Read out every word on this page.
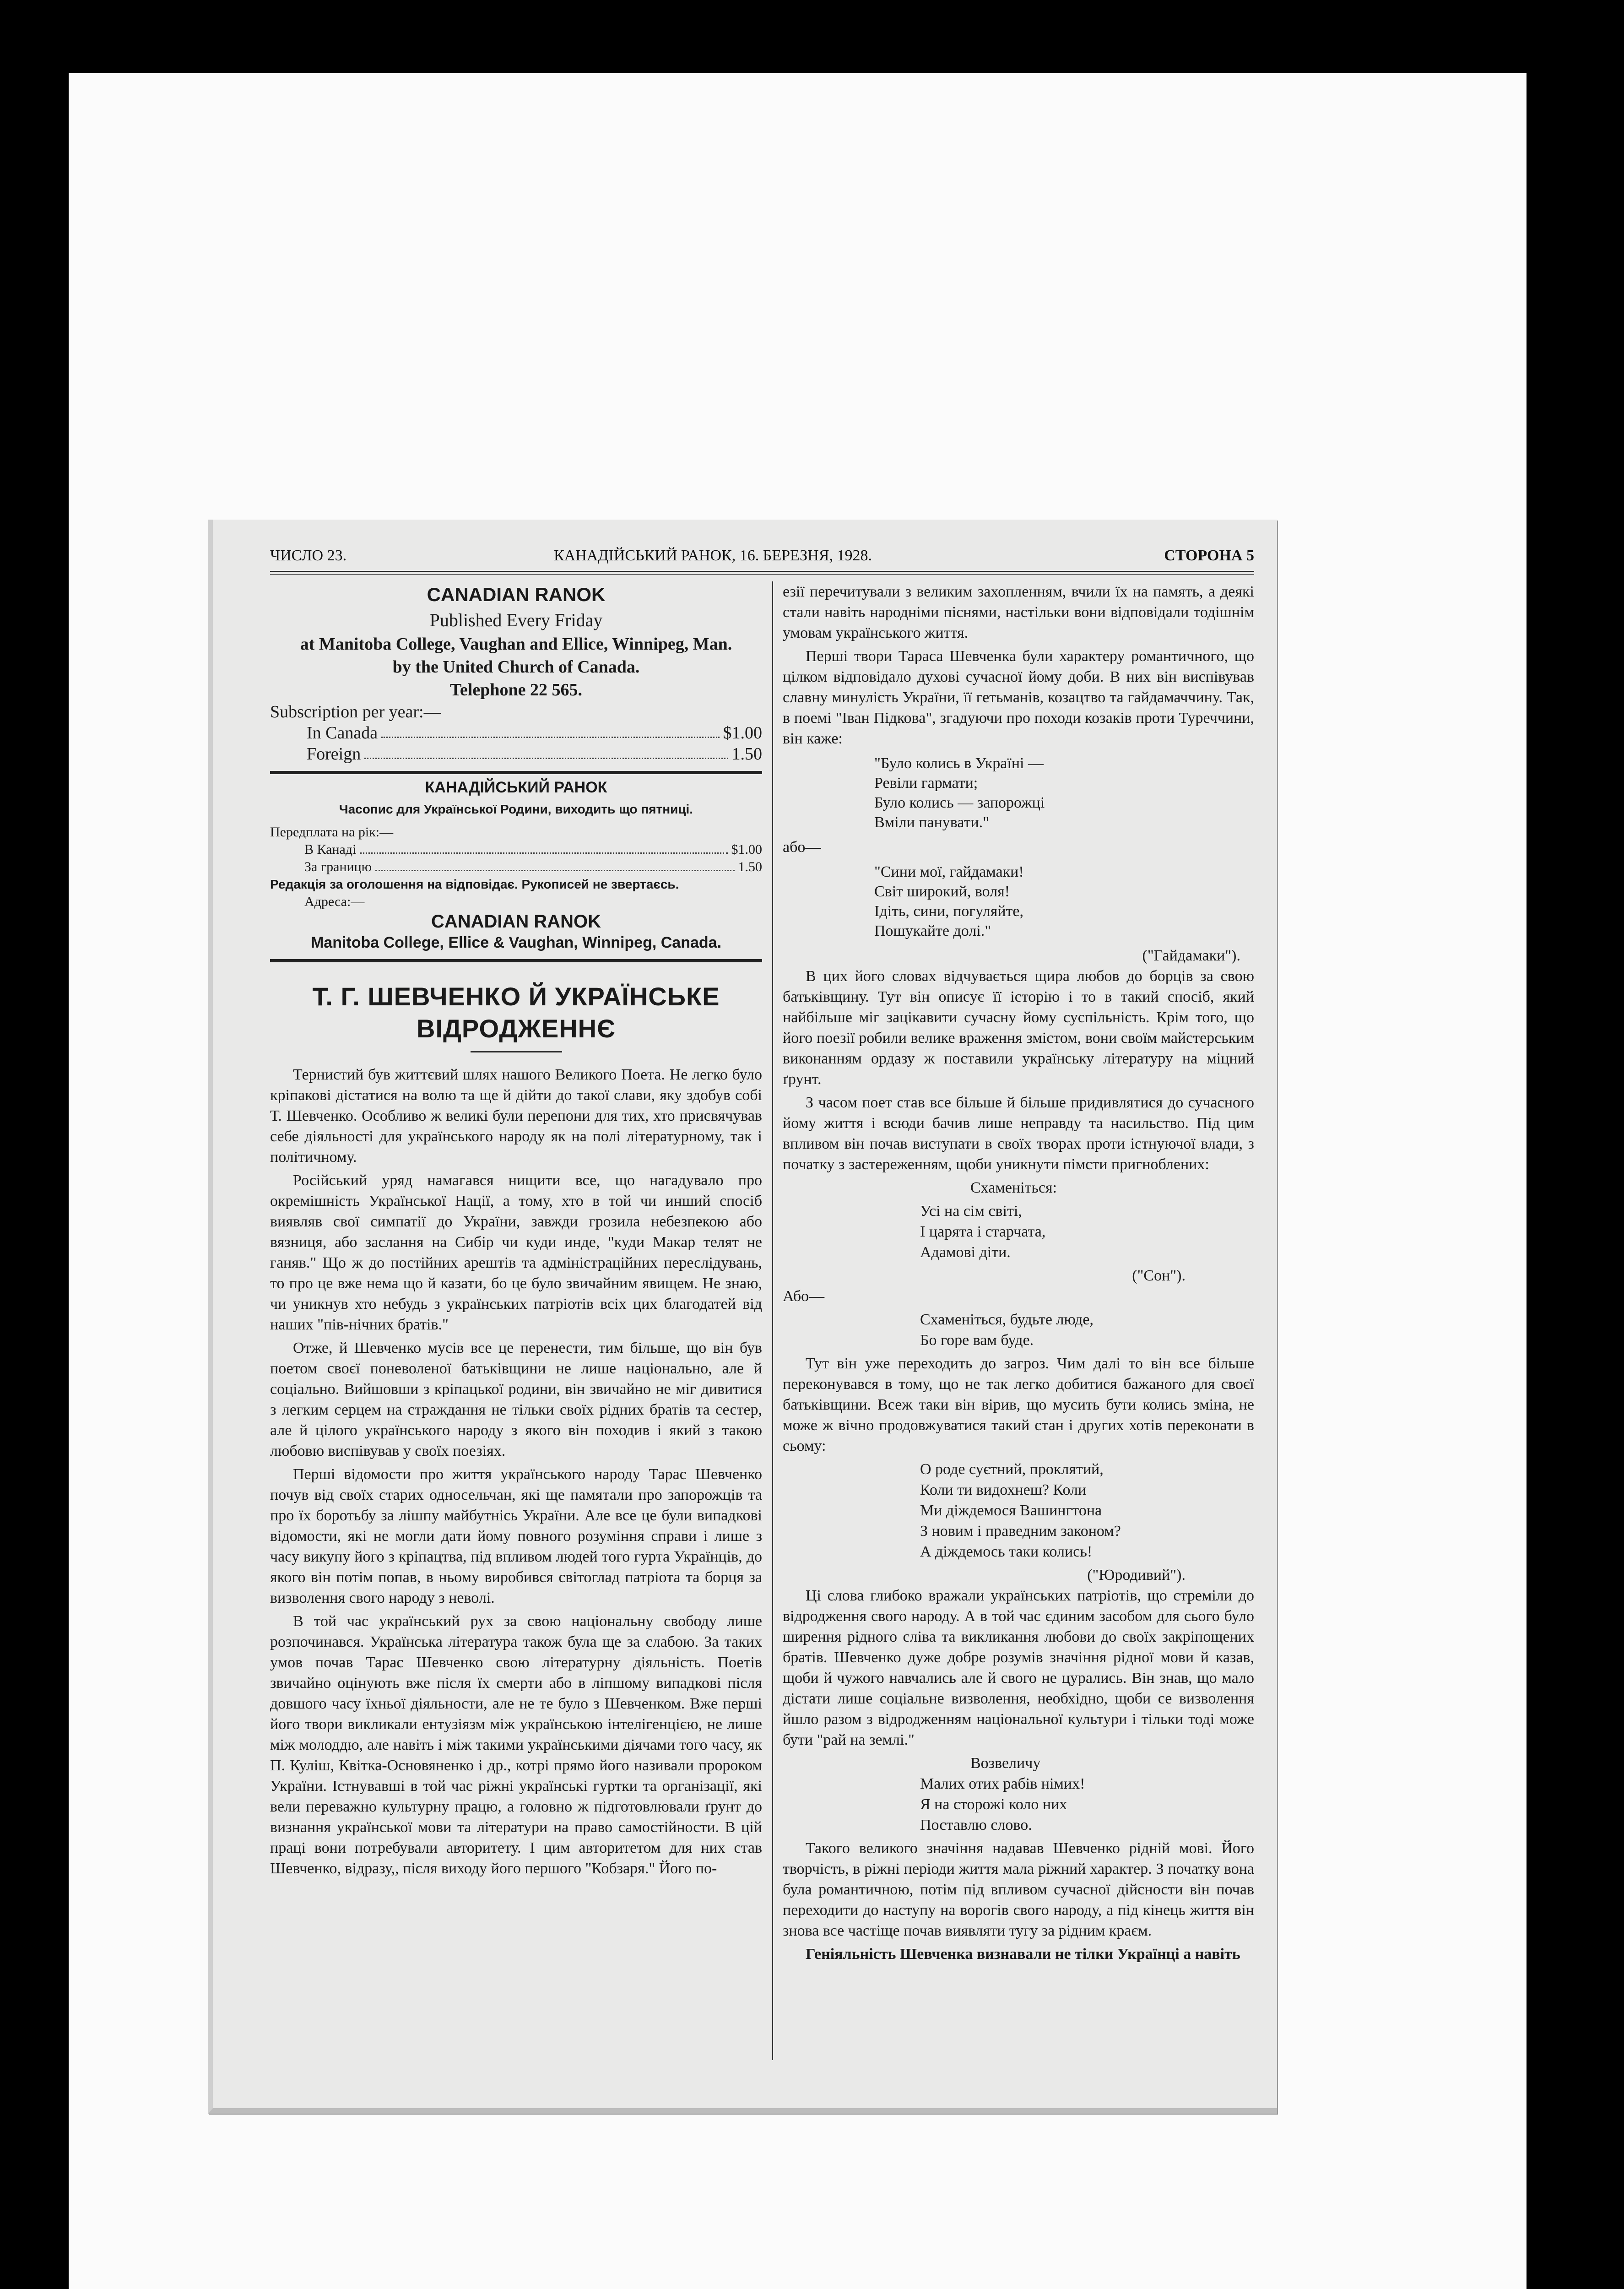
ЧИСЛО 23.	КАНАДІЙСЬКИЙ РАНОК, 16. БЕРЕЗНЯ, 1928.	СТОРОНА 5
CANADIAN RANOK
Published Every Friday
at Manitoba College, Vaughan and Ellice, Winnipeg, Man.
by the United Church of Canada.
Telephone 22 565.
Subscription per year:—
In Canada	$1.00
Foreign	1.50
КАНАДІЙСЬКИЙ РАНОК
Часопис для Української Родини, виходить що пятниці.
Передплата на рік:—
В Канаді	$1.00
За границю	1.50
Редакція за оголошення на відповідає. Рукописей не звертаєсь.
Адреса:—
CANADIAN RANOK
Manitoba College, Ellice & Vaughan, Winnipeg, Canada.
Т. Г. ШЕВЧЕНКО Й УКРАЇНСЬКЕ ВІДРОДЖЕННЄ

Тернистий був життєвий шлях нашого Великого Поета. Не легко було кріпакові дістатися на волю та ще й дійти до такої слави, яку здобув собі Т. Шевченко. Особливо ж великі були перепони для тих, хто присвячував себе діяльності для українського народу як на полі літературному, так і політичному.

Російський уряд намагався нищити все, що нагадувало про окремішність Української Нації, а тому, хто в той чи инший спосіб виявляв свої симпатії до України, завжди грозила небезпекою або вязниця, або заслання на Сибір чи куди инде, "куди Макар телят не ганяв." Що ж до постійних арештів та адміністраційних переслідувань, то про це вже нема що й казати, бо це було звичайним явищем. Не знаю, чи уникнув хто небудь з українських патріотів всіх цих благодатей від наших "пів-нічних братів."

Отже, й Шевченко мусів все це перенести, тим більше, що він був поетом своєї поневоленої батьківщини не лише національно, але й соціально. Вийшовши з кріпацької родини, він звичайно не міг дивитися з легким серцем на страждання не тільки своїх рідних братів та сестер, але й цілого українського народу з якого він походив і який з такою любовю виспівував у своїх поезіях.

Перші відомости про життя українського народу Тарас Шевченко почув від своїх старих односельчан, які ще памятали про запорожців та про їх боротьбу за лішпу майбутнісь України. Але все це були випадкові відомости, які не могли дати йому повного розуміння справи і лише з часу викупу його з кріпацтва, під впливом людей того гурта Українців, до якого він потім попав, в ньому виробився світоглад патріота та борця за визволення свого народу з неволі.

В той час український рух за свою національну свободу лише розпочинався. Українська література також була ще за слабою. За таких умов почав Тарас Шевченко свою літературну діяльність. Поетів звичайно оцінують вже після їх смерти або в ліпшому випадкові після довшого часу їхньої діяльности, але не те було з Шевченком. Вже перші його твори викликали ентузіязм між українською інтелігенцією, не лише між молоддю, але навіть і між такими українськими діячами того часу, як П. Куліш, Квітка-Основяненко і др., котрі прямо його називали пророком України. Істнувавші в той час ріжні українські гуртки та організації, які вели переважно культурну працю, а головно ж підготовлювали ґрунт до визнання української мови та літератури на право самостійности. В цій праці вони потребували авторитету. І цим авторитетом для них став Шевченко, відразу,, після виходу його першого "Кобзаря." Його по-

езії перечитували з великим захопленням, вчили їх на память, а деякі стали навіть народніми піснями, настільки вони відповідали тодішнім умовам українського життя.

Перші твори Тараса Шевченка були характеру романтичного, що цілком відповідало духові сучасної йому доби. В них він виспівував славну минулість України, її гетьманів, козацтво та гайдамаччину. Так, в поемі "Іван Підкова", згадуючи про походи козаків проти Туреччини, він каже:

"Було колись в Україні —
Ревіли гармати;
Було колись — запорожці
Вміли панувати."
або—
"Сини мої, гайдамаки!
Світ широкий, воля!
Ідіть, сини, погуляйте,
Пошукайте долі."
("Гайдамаки").

В цих його словах відчувається щира любов до борців за свою батьківщину. Тут він описує її історію і то в такий спосіб, який найбільше міг зацікавити сучасну йому суспільність. Крім того, що його поезії робили велике враження змістом, вони своїм майстерським виконанням ордазу ж поставили українську літературу на міцний ґрунт.

З часом поет став все більше й більше придивлятися до сучасного йому життя і всюди бачив лише неправду та насильство. Під цим впливом він почав виступати в своїх творах проти істнуючої влади, з початку з застереженням, щоби уникнути пімсти пригноблених:

Схаменіться:
Усі на сім світі,
І царята і старчата,
Адамові діти.
("Сон").
Або—
Схаменіться, будьте люде,
Бо горе вам буде.

Тут він уже переходить до загроз. Чим далі то він все більше переконувався в тому, що не так легко добитися бажаного для своєї батьківщини. Всеж таки він вірив, що мусить бути колись зміна, не може ж вічно продовжуватися такий стан і других хотів переконати в сьому:

О роде суєтний, проклятий,
Коли ти видохнеш? Коли
Ми діждемося Вашингтона
З новим і праведним законом?
А діждемось таки колись!
("Юродивий").

Ці слова глибоко вражали українських патріотів, що стреміли до відродження свого народу. А в той час єдиним засобом для сього було ширення рідного сліва та викликання любови до своїх закріпощених братів. Шевченко дуже добре розумів значіння рідної мови й казав, щоби й чужого навчались але й свого не цурались. Він знав, що мало дістати лише соціальне визволення, необхідно, щоби се визволення йшло разом з відродженням національної культури і тільки тоді може бути "рай на землі."

Возвеличу
Малих отих рабів німих!
Я на сторожі коло них
Поставлю слово.

Такого великого значіння надавав Шевченко рідній мові. Його творчість, в ріжні періоди життя мала ріжний характер. З початку вона була романтичною, потім під впливом сучасної дійсности він почав переходити до наступу на ворогів свого народу, а під кінець життя він знова все частіще почав виявляти тугу за рідним краєм.

Геніяльність Шевченка визнавали не тілки Українці а навіть
